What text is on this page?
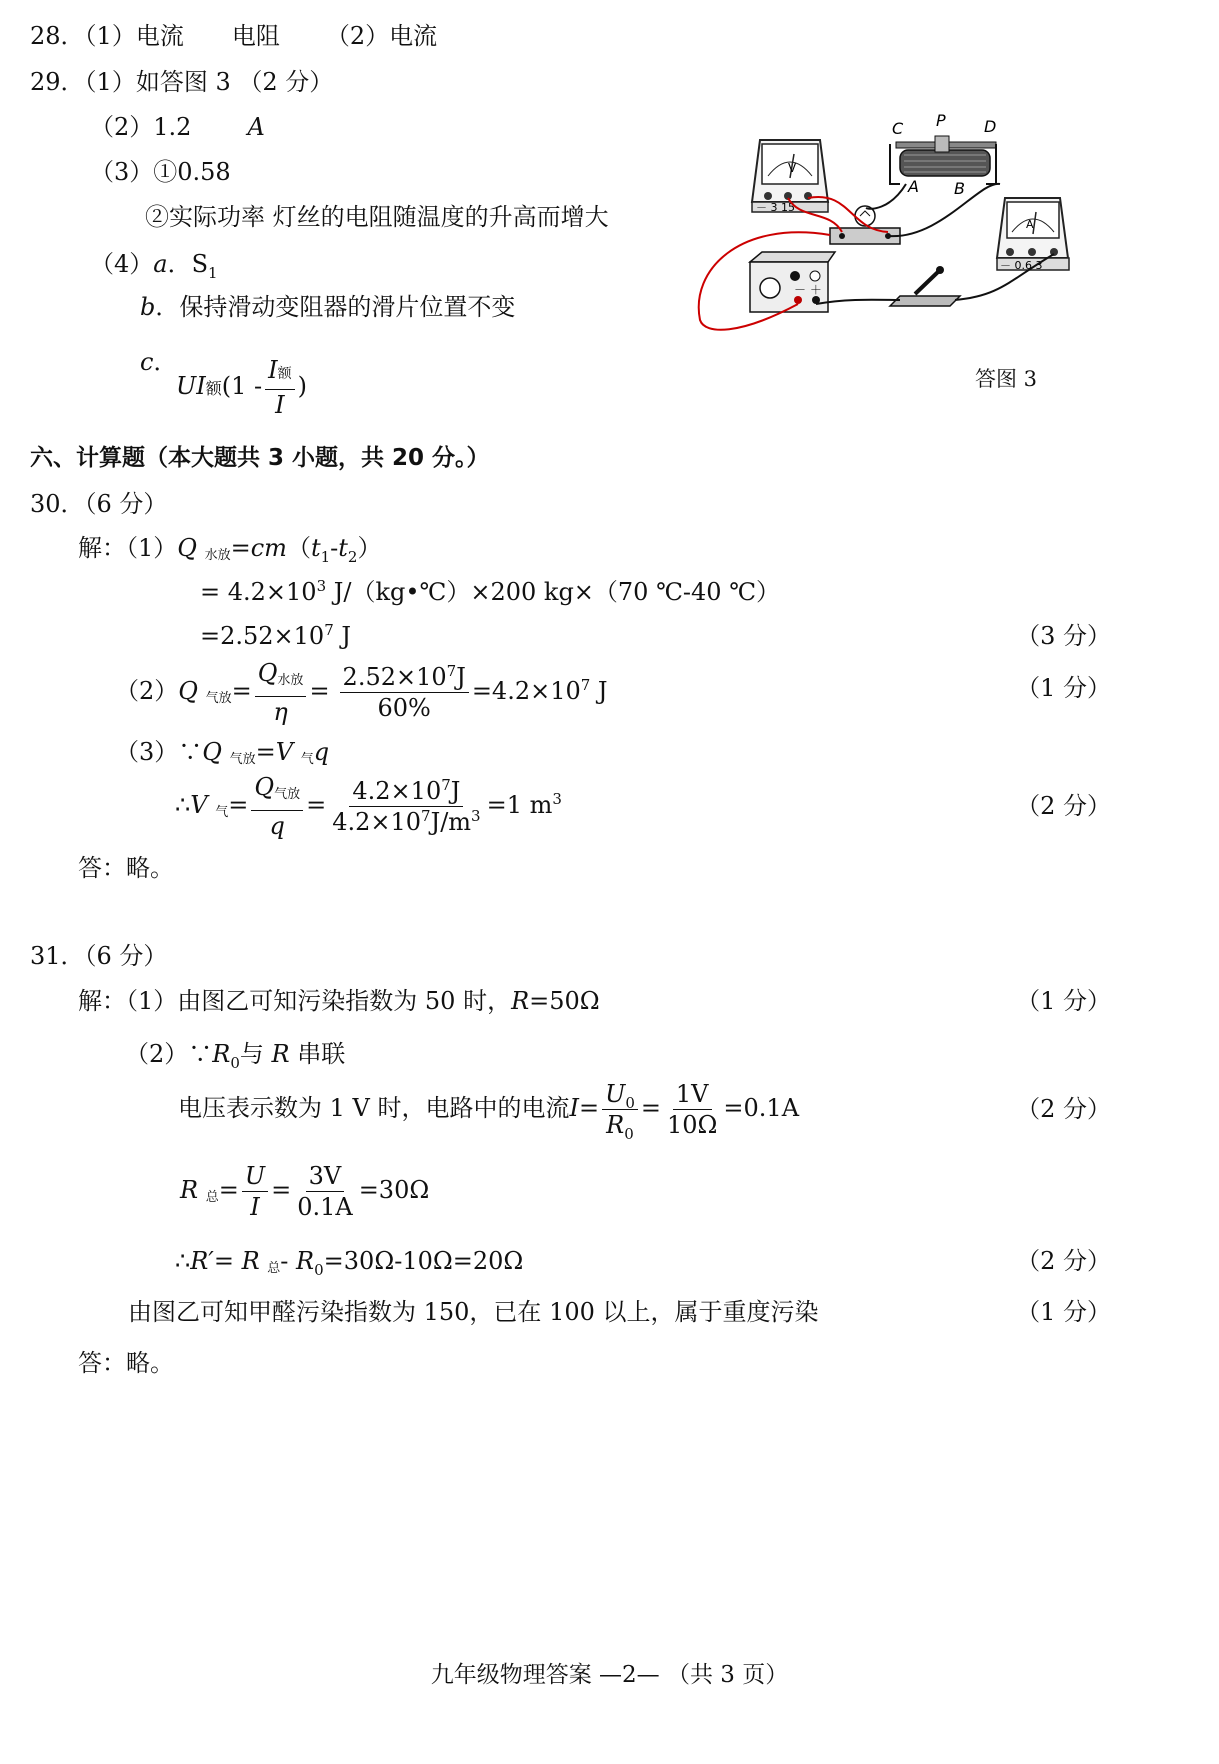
28．（1）电流 电阻 （2）电流
29．（1）如答图 3 （2 分）
（2）1.2 A
（3）①0.58
②实际功率 灯丝的电阻随温度的升高而增大
（4）a．$S_1$
b．保持滑动变阻器的滑片位置不变
c．
UI额($1 - \frac{\text{I额}}{I}$ )
V
－ 3 15
C P D
A B
A
－ 0.6 3
－ ＋
答图 3
六、计算题（本大题共 3 小题，共 20 分。）
30．（6 分）
解：（1）Q 水放$=cm(t_1-t_2)$
= $4.2\times 10^3$ J/（kg•℃）×200 kg×（70 ℃-40 ℃）
$=2.52\times 10^7$ J	（3 分）
（2）Q 气放= $\frac{\text{Q水放}}{\eta} = \frac{2.52\times 10^7J}{60\%} =4.2\times 10^7$ J	（1 分）
（3）∵Q 气放=V 气q
∴V 气= $\frac{\text{Q气放}}{q} = \frac{4.2\times 10^7J}{4.2\times 10^7J/m^3} =1$ $m^3$	（2 分）
答：略。
31．（6 分）
解：（1）由图乙可知污染指数为 50 时，R=50Ω	（1 分）
$(2)\because R_0$与 R 串联
电压表示数为 1 V 时，电路中的电流$I= \frac{U_0}{R_0} = \frac{1V}{10\Omega} =0.1A$	（2 分）
R 总= $\frac{U}{I} = \frac{3V}{0.1A} =30\Omega$
∴R′= R 总- $R_0=30\Omega-10\Omega=20\Omega$	（2 分）
由图乙可知甲醛污染指数为 150，已在 100 以上，属于重度污染	（1 分）
答：略。
九年级物理答案 —2— （共 3 页）
